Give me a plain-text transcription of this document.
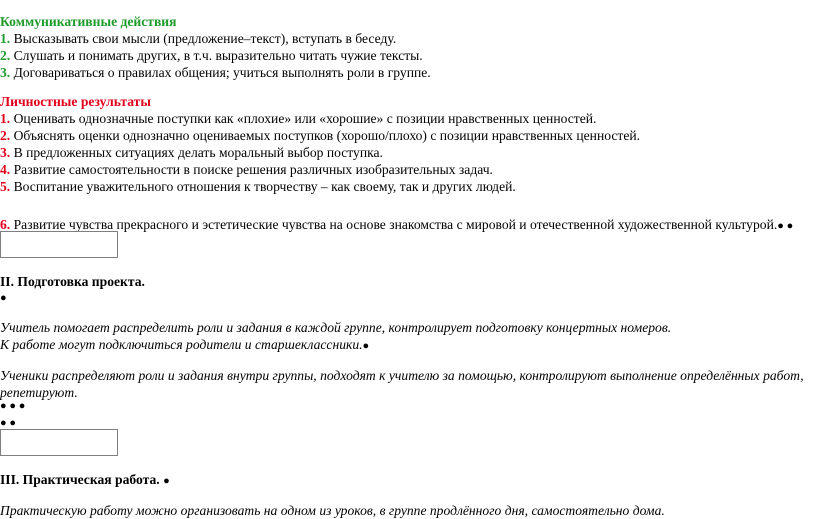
Коммуникативные действия
1. Высказывать свои мысли (предложение–текст), вступать в беседу.
2. Слушать и понимать других, в т.ч. выразительно читать чужие тексты.
3. Договариваться о правилах общения; учиться выполнять роли в группе.
Личностные результаты
1. Оценивать однозначные поступки как «плохие» или «хорошие» с позиции нравственных ценностей.
2. Объяснять оценки однозначно оцениваемых поступков (хорошо/плохо) с позиции нравственных ценностей.
3. В предложенных ситуациях делать моральный выбор поступка.
4. Развитие самостоятельности в поиске решения различных изобразительных задач.
5. Воспитание уважительного отношения к творчеству – как своему, так и других людей.
6. Развитие чувства прекрасного и эстетические чувства на основе знакомства с мировой и отечественной художественной культурой.● ●
II. Подготовка проекта.
●
Учитель помогает распределить роли и задания в каждой группе, контролирует подготовку концертных номеров.
К работе могут подключиться родители и старшеклассники.●
Ученики распределяют роли и задания внутри группы, подходят к учителю за помощью, контролируют выполнение определённых работ,
репетируют.
● ● ●
● ●
III. Практическая работа. ●
Практическую работу можно организовать на одном из уроков, в группе продлённого дня, самостоятельно дома.
